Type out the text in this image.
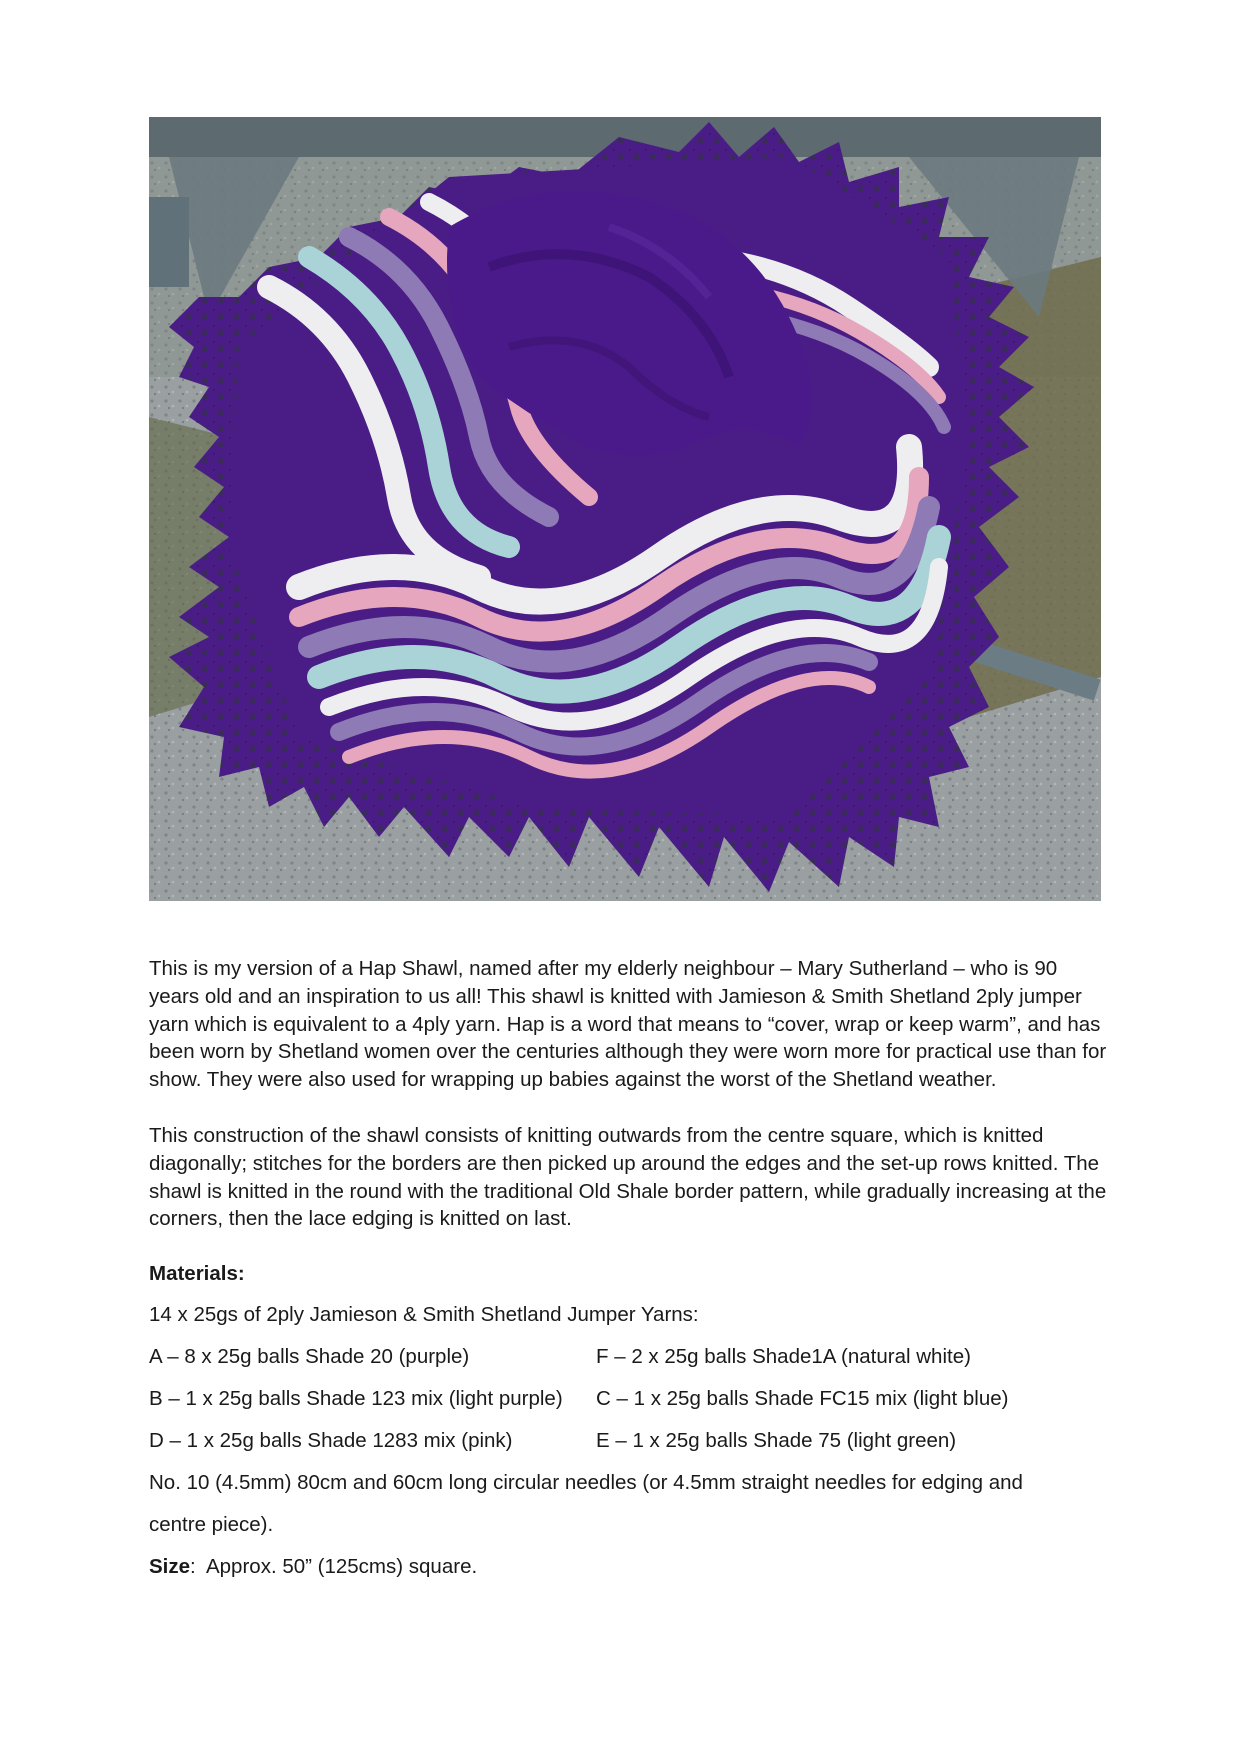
This is my version of a Hap Shawl, named after my elderly neighbour – Mary Sutherland – who is 90 years old and an inspiration to us all! This shawl is knitted with Jamieson & Smith Shetland 2ply jumper yarn which is equivalent to a 4ply yarn. Hap is a word that means to “cover, wrap or keep warm”, and has been worn by Shetland women over the centuries although they were worn more for practical use than for show. They were also used for wrapping up babies against the worst of the Shetland weather.

This construction of the shawl consists of knitting outwards from the centre square, which is knitted diagonally; stitches for the borders are then picked up around the edges and the set-up rows knitted. The shawl is knitted in the round with the traditional Old Shale border pattern, while gradually increasing at the corners, then the lace edging is knitted on last.

Materials:

14 x 25gs of 2ply Jamieson & Smith Shetland Jumper Yarns:
A – 8 x 25g balls Shade 20 (purple)	F – 2 x 25g balls Shade1A (natural white)
B – 1 x 25g balls Shade 123 mix (light purple)	C – 1 x 25g balls Shade FC15 mix (light blue)
D – 1 x 25g balls Shade 1283 mix (pink)	E – 1 x 25g balls Shade 75 (light green)
No. 10 (4.5mm) 80cm and 60cm long circular needles (or 4.5mm straight needles for edging and
centre piece).
Size:  Approx. 50” (125cms) square.
